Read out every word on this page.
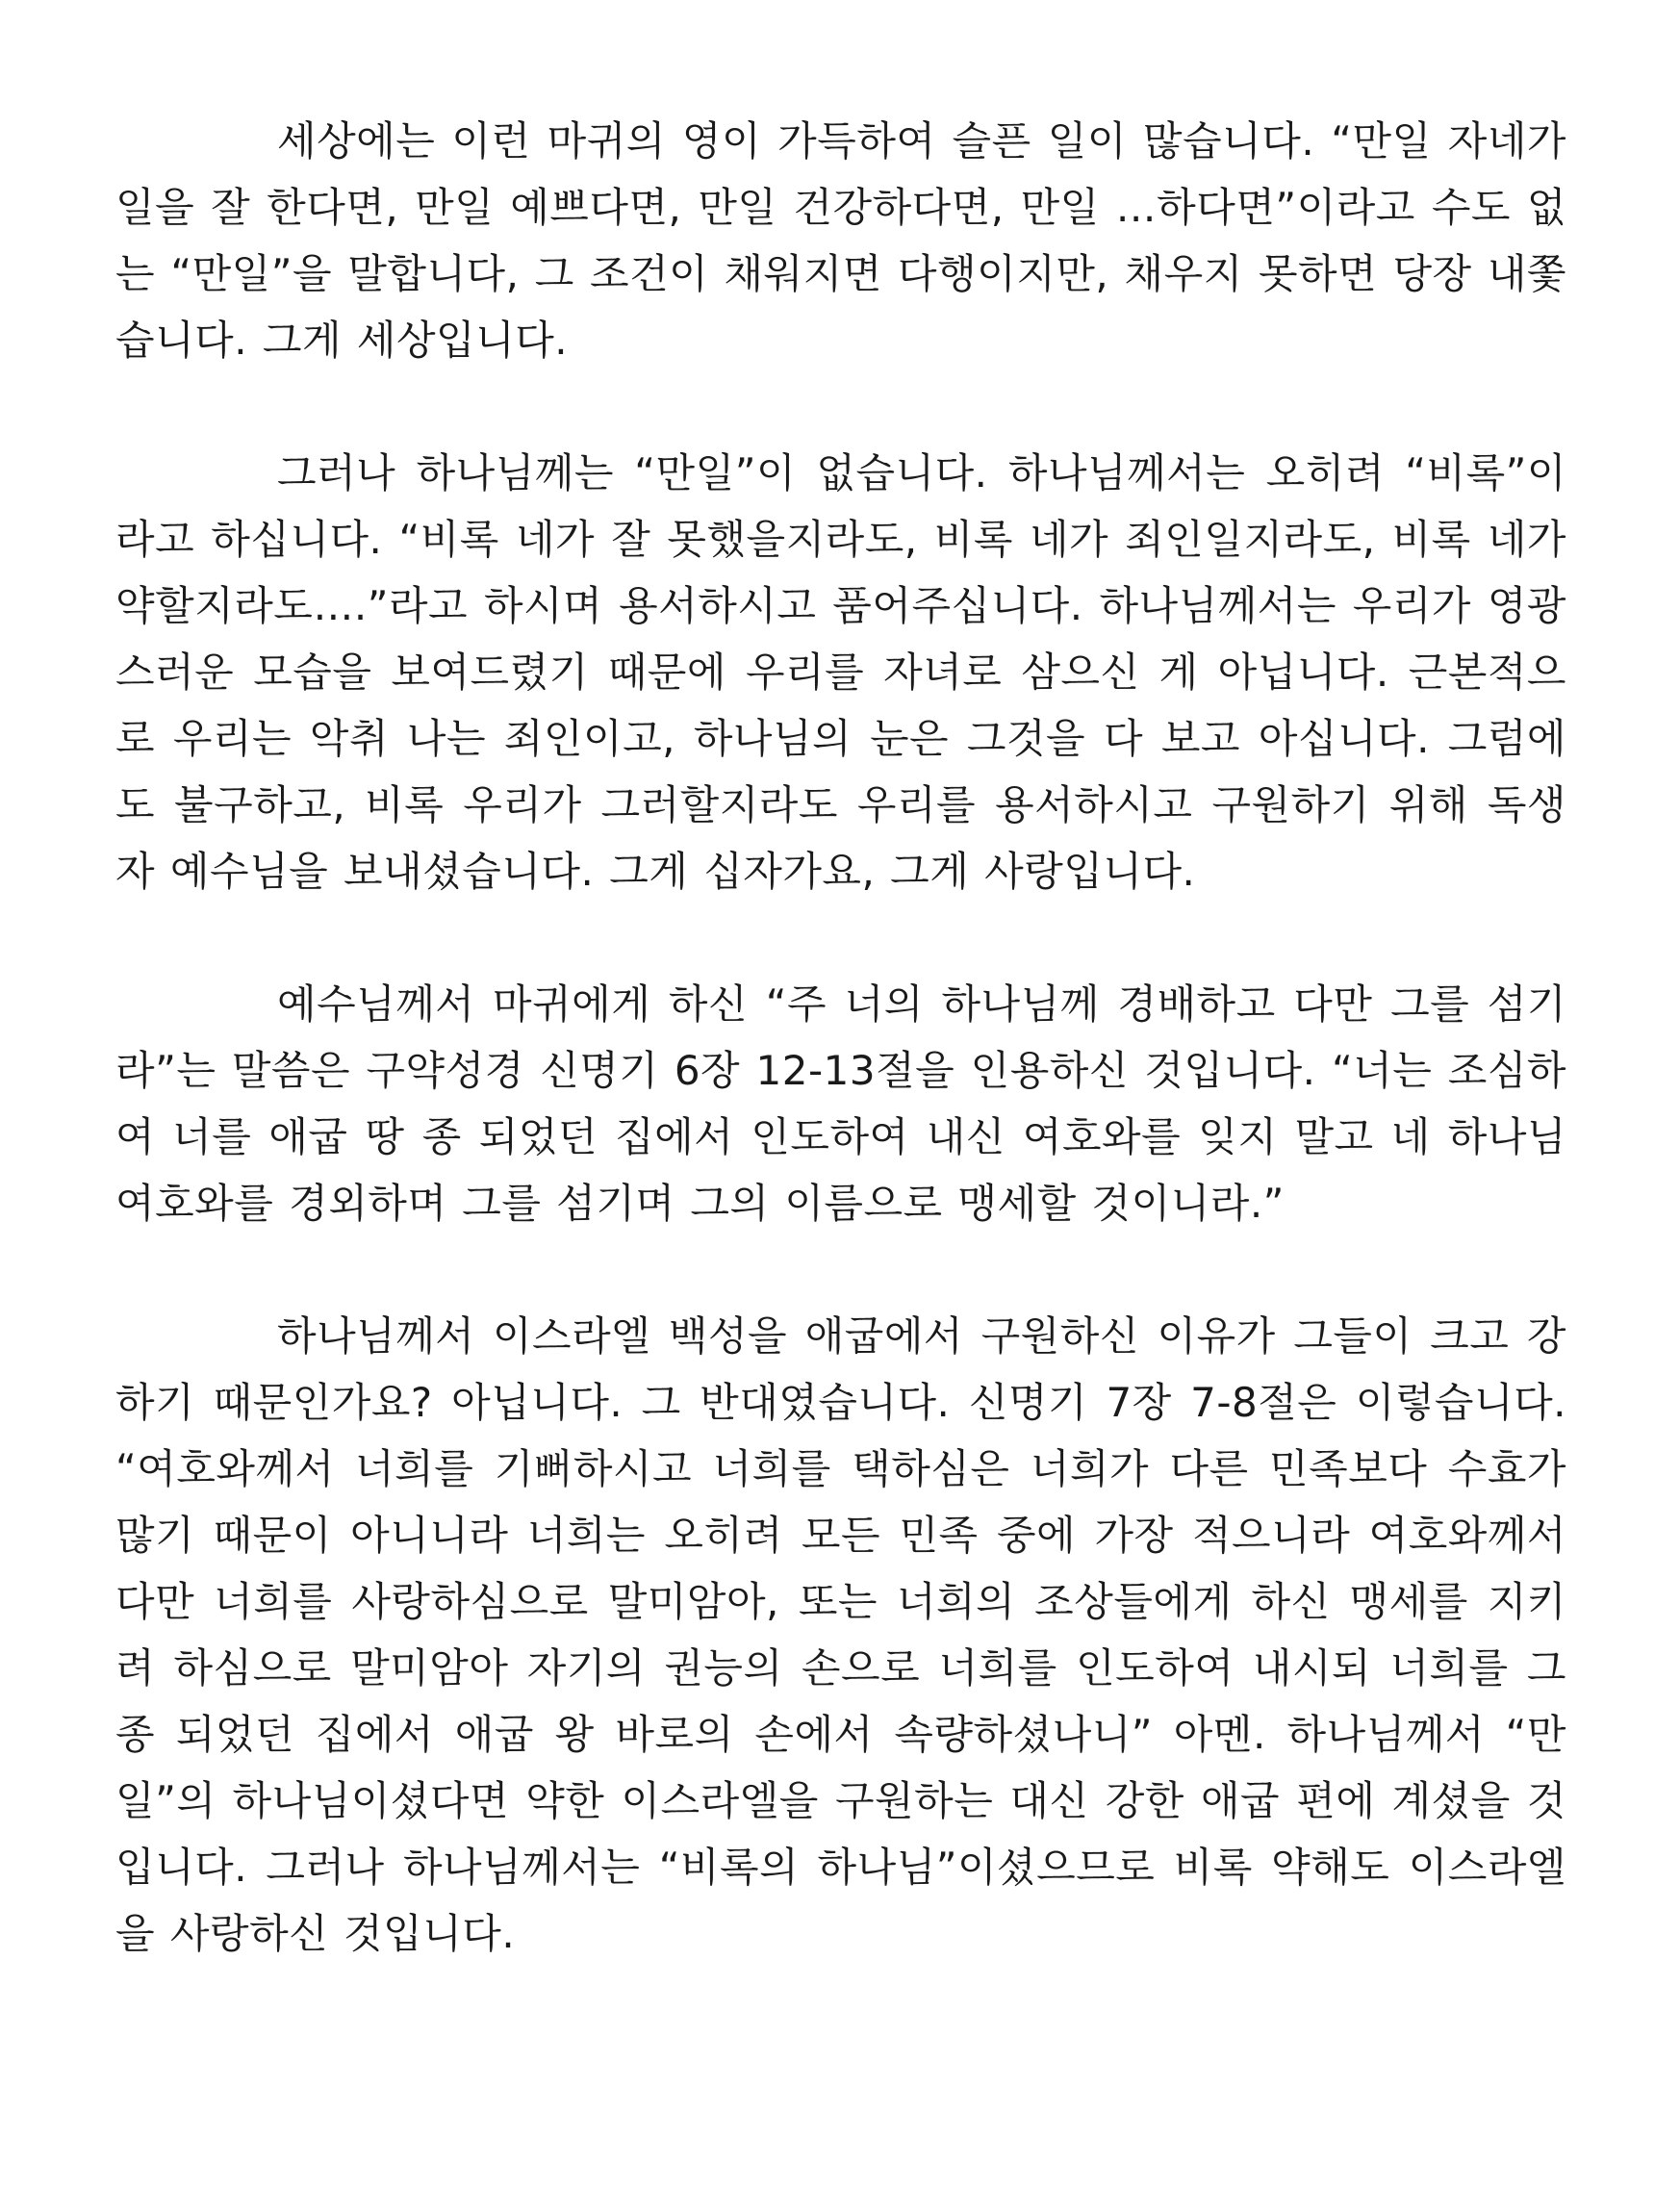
세상에는 이런 마귀의 영이 가득하여 슬픈 일이 많습니다. “만일 자네가 일을 잘 한다면, 만일 예쁘다면, 만일 건강하다면, 만일 …하다면”이라고 수도 없는 “만일”을 말합니다, 그 조건이 채워지면 다행이지만, 채우지 못하면 당장 내쫓습니다. 그게 세상입니다.

그러나 하나님께는 “만일”이 없습니다. 하나님께서는 오히려 “비록”이라고 하십니다. “비록 네가 잘 못했을지라도, 비록 네가 죄인일지라도, 비록 네가 약할지라도….”라고 하시며 용서하시고 품어주십니다. 하나님께서는 우리가 영광스러운 모습을 보여드렸기 때문에 우리를 자녀로 삼으신 게 아닙니다. 근본적으로 우리는 악취 나는 죄인이고, 하나님의 눈은 그것을 다 보고 아십니다. 그럼에도 불구하고, 비록 우리가 그러할지라도 우리를 용서하시고 구원하기 위해 독생자 예수님을 보내셨습니다. 그게 십자가요, 그게 사랑입니다.

예수님께서 마귀에게 하신 “주 너의 하나님께 경배하고 다만 그를 섬기라”는 말씀은 구약성경 신명기 6장 12-13절을 인용하신 것입니다. “너는 조심하여 너를 애굽 땅 종 되었던 집에서 인도하여 내신 여호와를 잊지 말고 네 하나님 여호와를 경외하며 그를 섬기며 그의 이름으로 맹세할 것이니라.”

하나님께서 이스라엘 백성을 애굽에서 구원하신 이유가 그들이 크고 강하기 때문인가요? 아닙니다. 그 반대였습니다. 신명기 7장 7-8절은 이렇습니다. “여호와께서 너희를 기뻐하시고 너희를 택하심은 너희가 다른 민족보다 수효가 많기 때문이 아니니라 너희는 오히려 모든 민족 중에 가장 적으니라 여호와께서 다만 너희를 사랑하심으로 말미암아, 또는 너희의 조상들에게 하신 맹세를 지키려 하심으로 말미암아 자기의 권능의 손으로 너희를 인도하여 내시되 너희를 그 종 되었던 집에서 애굽 왕 바로의 손에서 속량하셨나니” 아멘. 하나님께서 “만일”의 하나님이셨다면 약한 이스라엘을 구원하는 대신 강한 애굽 편에 계셨을 것입니다. 그러나 하나님께서는 “비록의 하나님”이셨으므로 비록 약해도 이스라엘을 사랑하신 것입니다.
